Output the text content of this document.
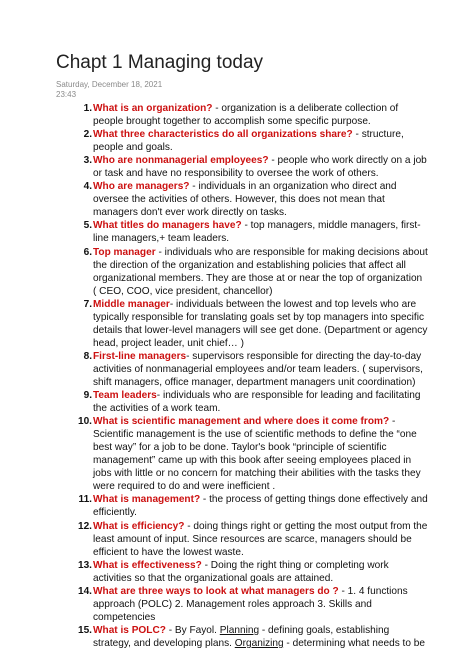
Chapt 1 Managing today
Saturday, December 18, 2021
23:43
1. What is an organization? - organization is a deliberate collection of people brought together to accomplish some specific purpose.
2. What three characteristics do all organizations share? - structure, people and goals.
3. Who are nonmanagerial employees? - people who work directly on a job or task and have no responsibility to oversee the work of others.
4. Who are managers? - individuals in an organization who direct and oversee the activities of others. However, this does not mean that managers don't ever work directly on tasks.
5. What titles do managers have? - top managers, middle managers, first-line managers,+ team leaders.
6. Top manager - individuals who are responsible for making decisions about the direction of the organization and establishing policies that affect all organizational members. They are those at or near the top of organization ( CEO, COO, vice president, chancellor)
7. Middle manager- individuals between the lowest and top levels who are typically responsible for translating goals set by top managers into specific details that lower-level managers will see get done. (Department or agency head, project leader, unit chief… )
8. First-line managers- supervisors responsible for directing the day-to-day activities of nonmanagerial employees and/or team leaders. ( supervisors, shift managers, office manager, department managers unit coordination)
9. Team leaders- individuals who are responsible for leading and facilitating the activities of a work team.
10. What is scientific management and where does it come from? - Scientific management is the use of scientific methods to define the “one best way” for a job to be done. Taylor's book “principle of scientific management” came up with this book after seeing employees placed in jobs with little or no concern for matching their abilities with the tasks they were required to do and were inefficient .
11. What is management? - the process of getting things done effectively and efficiently.
12. What is efficiency? - doing things right or getting the most output from the least amount of input. Since resources are scarce, managers should be efficient to have the lowest waste.
13. What is effectiveness? - Doing the right thing or completing work activities so that the organizational goals are attained.
14. What are three ways to look at what managers do ? - 1. 4 functions approach (POLC) 2. Management roles approach 3. Skills and competencies
15. What is POLC? - By Fayol. Planning - defining goals, establishing strategy, and developing plans. Organizing - determining what needs to be
